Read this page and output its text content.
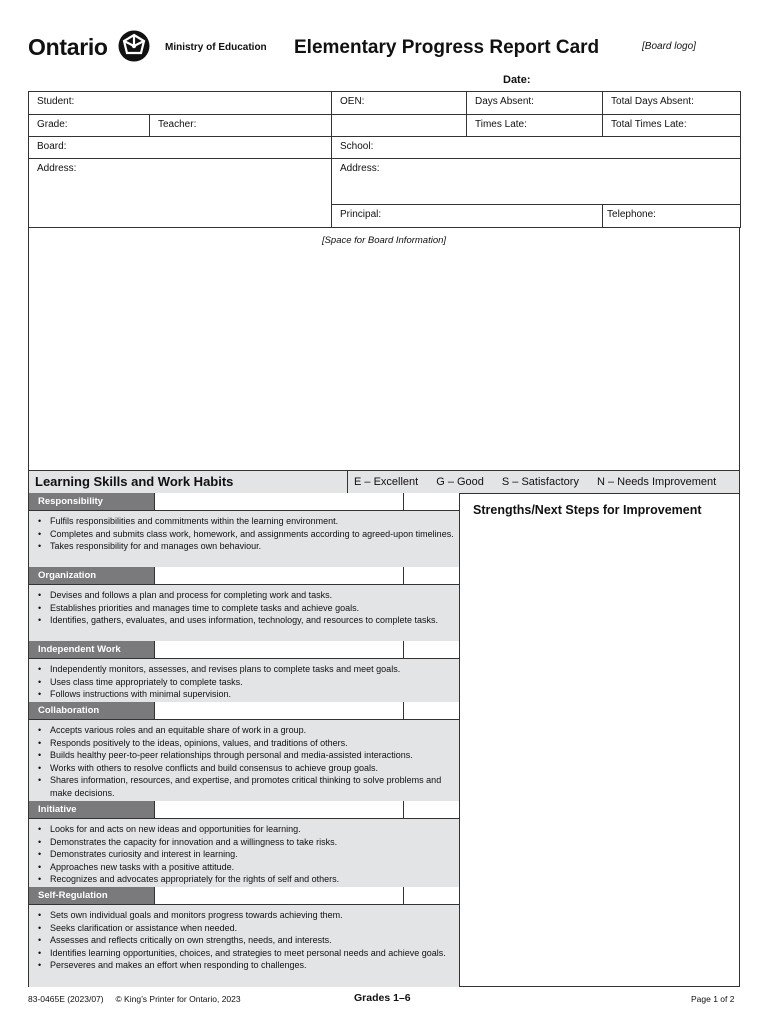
Ontario	Ministry of Education Elementary Progress Report Card	[Board logo]
Date:
Student:		OEN:	Days Absent:	Total Days Absent:
Grade:	Teacher:		Times Late:	Total Times Late:
Board:		School:		
Address:		Address:		
		Principal:		Telephone:
[Space for Board Information]
Learning Skills and Work Habits	E – Excellent G – Good S – Satisfactory N – Needs Improvement
Responsibility
• Fulfils responsibilities and commitments within the learning environment.
• Completes and submits class work, homework, and assignments according to agreed-upon timelines.
• Takes responsibility for and manages own behaviour.
Organization
• Devises and follows a plan and process for completing work and tasks.
• Establishes priorities and manages time to complete tasks and achieve goals.
• Identifies, gathers, evaluates, and uses information, technology, and resources to complete tasks.
Independent Work
• Independently monitors, assesses, and revises plans to complete tasks and meet goals.
• Uses class time appropriately to complete tasks.
• Follows instructions with minimal supervision.
Collaboration
• Accepts various roles and an equitable share of work in a group.
• Responds positively to the ideas, opinions, values, and traditions of others.
• Builds healthy peer-to-peer relationships through personal and media-assisted interactions.
• Works with others to resolve conflicts and build consensus to achieve group goals.
• Shares information, resources, and expertise, and promotes critical thinking to solve problems and make decisions.
Initiative
• Looks for and acts on new ideas and opportunities for learning.
• Demonstrates the capacity for innovation and a willingness to take risks.
• Demonstrates curiosity and interest in learning.
• Approaches new tasks with a positive attitude.
• Recognizes and advocates appropriately for the rights of self and others.
Self-Regulation
• Sets own individual goals and monitors progress towards achieving them.
• Seeks clarification or assistance when needed.
• Assesses and reflects critically on own strengths, needs, and interests.
• Identifies learning opportunities, choices, and strategies to meet personal needs and achieve goals.
• Perseveres and makes an effort when responding to challenges.
Strengths/Next Steps for Improvement
83-0465E (2023/07) © King’s Printer for Ontario, 2023	Grades 1–6	Page 1 of 2
